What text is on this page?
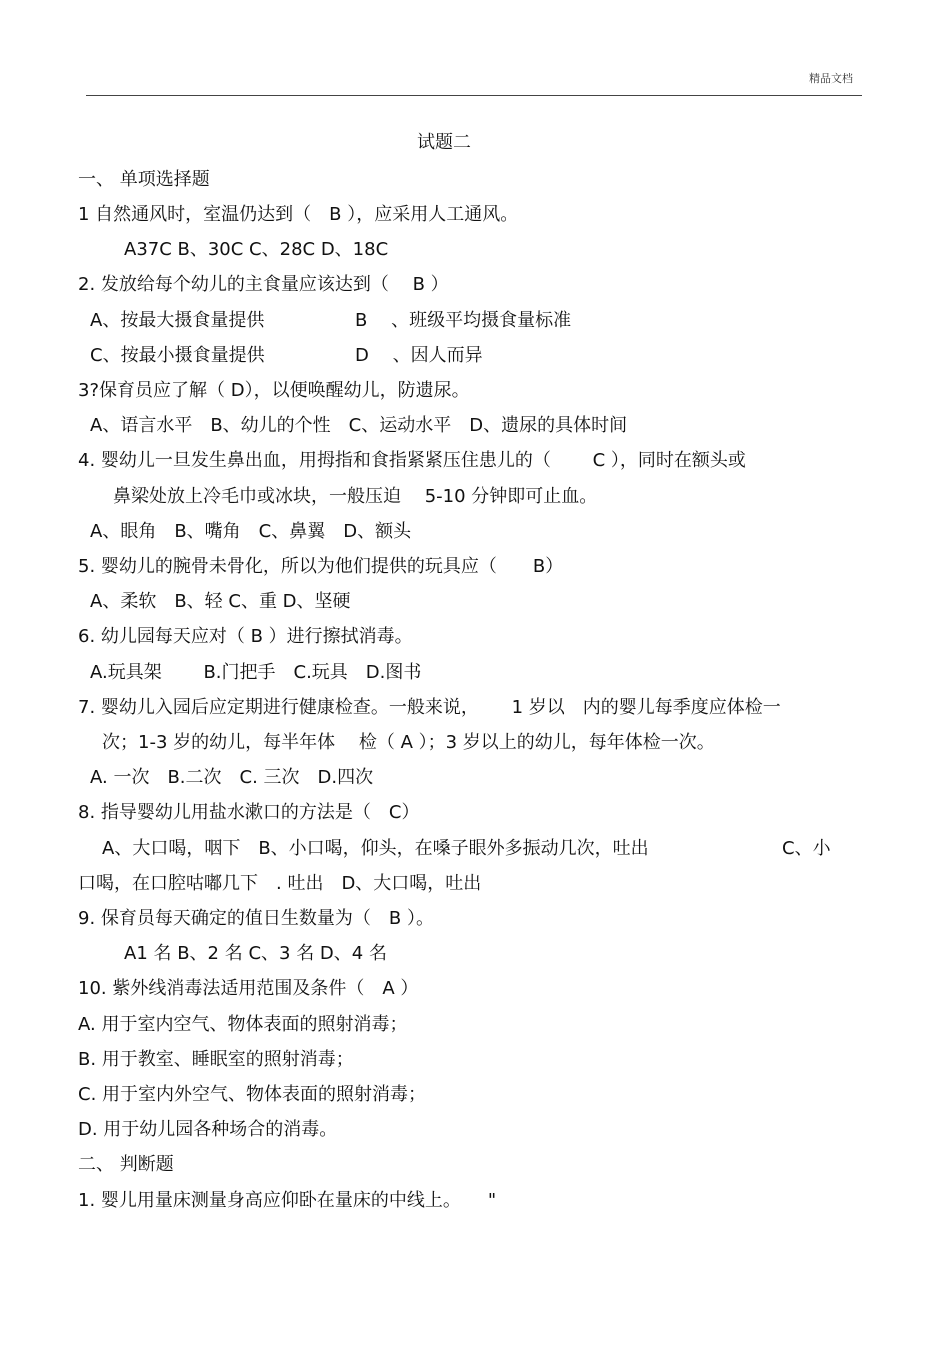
精品文档
试题二
一、 单项选择题
1 自然通风时，室温仍达到（　B ），应采用人工通风。
A37C B、30C C、28C D、18C
2. 发放给每个幼儿的主食量应该达到（　 B ）
A、按最大摄食量提供	B　 、班级平均摄食量标准
C、按最小摄食量提供	D　 、因人而异
3?保育员应了解（ D），以便唤醒幼儿，防遗尿。
A、语言水平　B、幼儿的个性　C、运动水平　D、遗尿的具体时间
4. 婴幼儿一旦发生鼻出血，用拇指和食指紧紧压住患儿的（　　 C ），同时在额头或
鼻梁处放上冷毛巾或冰块，一般压迫　 5-10 分钟即可止血。
A、眼角　B、嘴角　C、鼻翼　D、额头
5. 婴幼儿的腕骨未骨化，所以为他们提供的玩具应（　　B）
A、柔软　B、轻 C、重 D、坚硬
6. 幼儿园每天应对（ B ）进行擦拭消毒。
A.玩具架　　 B.门把手　C.玩具　D.图书
7. 婴幼儿入园后应定期进行健康检查。一般来说，　　 1 岁以　内的婴儿每季度应体检一
次；1-3 岁的幼儿，每半年体　 检（ A ）；3 岁以上的幼儿，每年体检一次。
A. 一次　B.二次　C. 三次　D.四次
8. 指导婴幼儿用盐水漱口的方法是（　C）
A、大口喝，咽下　B、小口喝，仰头，在嗓子眼外多振动几次，吐出	C、小
口喝，在口腔咕嘟几下　. 吐出　D、大口喝，吐出
9. 保育员每天确定的值日生数量为（　B ）。
A1 名 B、2 名 C、3 名 D、4 名
10. 紫外线消毒法适用范围及条件（　A ）
A. 用于室内空气、物体表面的照射消毒；
B. 用于教室、睡眠室的照射消毒；
C. 用于室内外空气、物体表面的照射消毒；
D. 用于幼儿园各种场合的消毒。
二、 判断题
1. 婴儿用量床测量身高应仰卧在量床的中线上。　　"
